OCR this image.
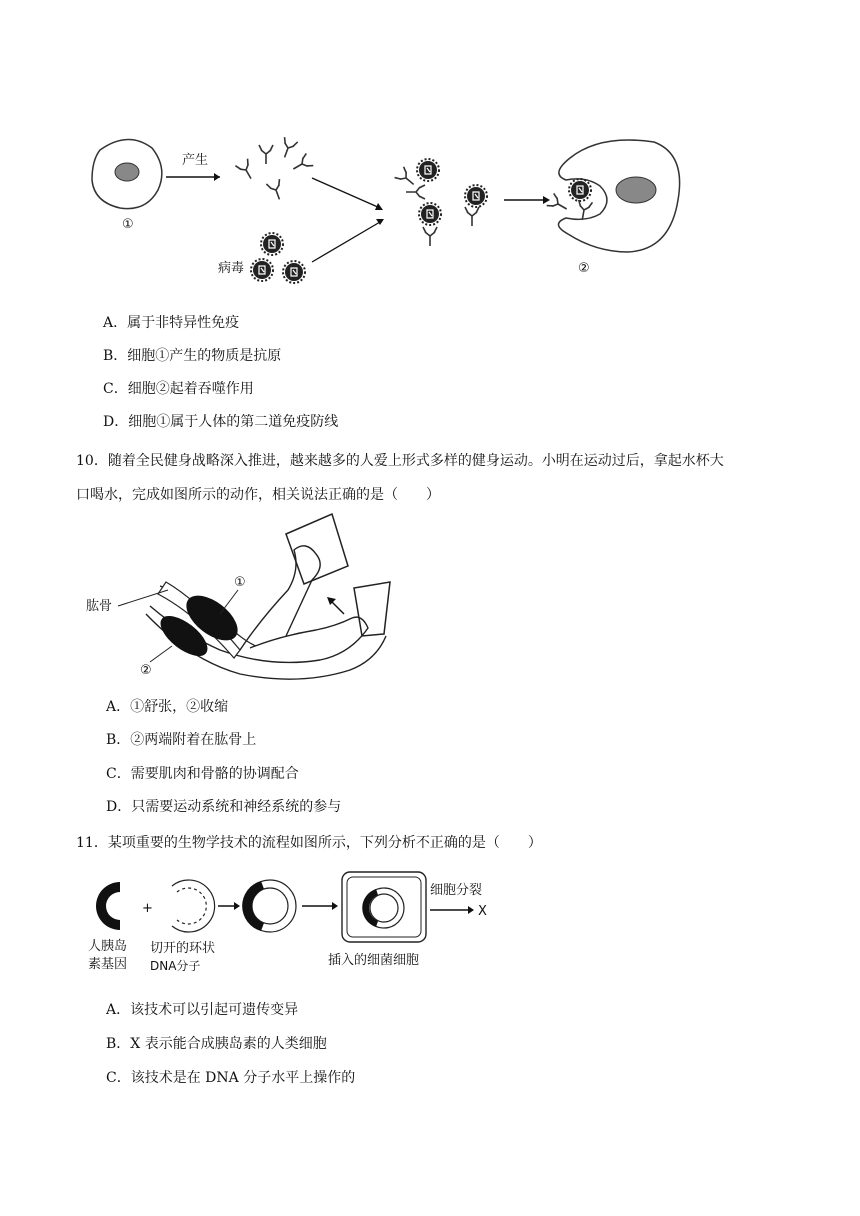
①
产生
病毒	②
A．属于非特异性免疫
B．细胞①产生的物质是抗原
C．细胞②起着吞噬作用
D．细胞①属于人体的第二道免疫防线
10．随着全民健身战略深入推进，越来越多的人爱上形式多样的健身运动。小明在运动过后，拿起水杯大
口喝水，完成如图所示的动作，相关说法正确的是（　　）
肱骨
①
②
A．①舒张，②收缩
B．②两端附着在肱骨上
C．需要肌肉和骨骼的协调配合
D．只需要运动系统和神经系统的参与
11．某项重要的生物学技术的流程如图所示，下列分析不正确的是（　　）
人胰岛
素基因
+
切开的环状
DNA分子	插入的细菌细胞
细胞分裂
X
A．该技术可以引起可遗传变异
B．X 表示能合成胰岛素的人类细胞
C．该技术是在 DNA 分子水平上操作的
